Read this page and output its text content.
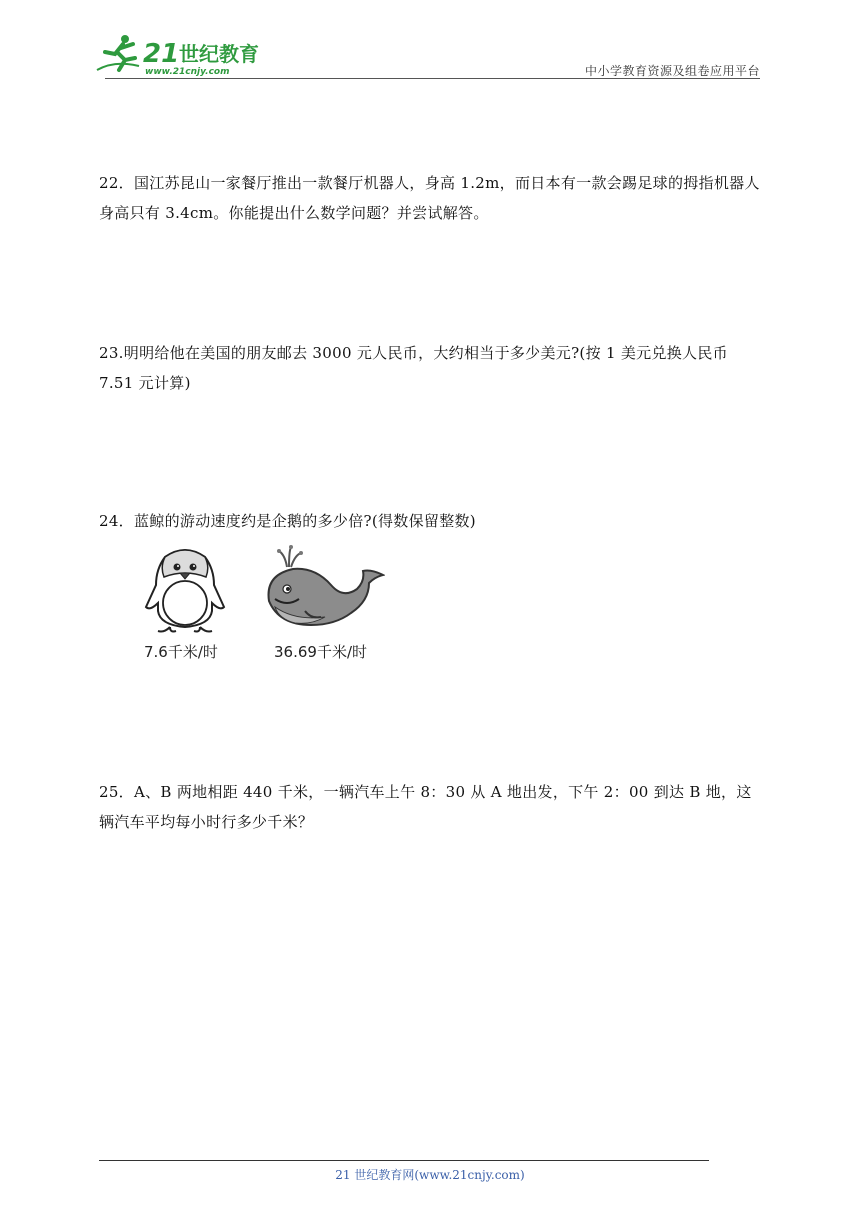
21 世纪教育
www.21cnjy.com	中小学教育资源及组卷应用平台
22．国江苏昆山一家餐厅推出一款餐厅机器人，身高 1.2m，而日本有一款会踢足球的拇指机器人身高只有 3.4cm。你能提出什么数学问题？并尝试解答。
23.明明给他在美国的朋友邮去 3000 元人民币，大约相当于多少美元?(按 1 美元兑换人民币 7.51 元计算)
24．蓝鲸的游动速度约是企鹅的多少倍?(得数保留整数)
7.6千米/时	36.69千米/时
25．A、B 两地相距 440 千米，一辆汽车上午 8：30 从 A 地出发，下午 2：00 到达 B 地，这辆汽车平均每小时行多少千米？
21 世纪教育网(www.21cnjy.com)
